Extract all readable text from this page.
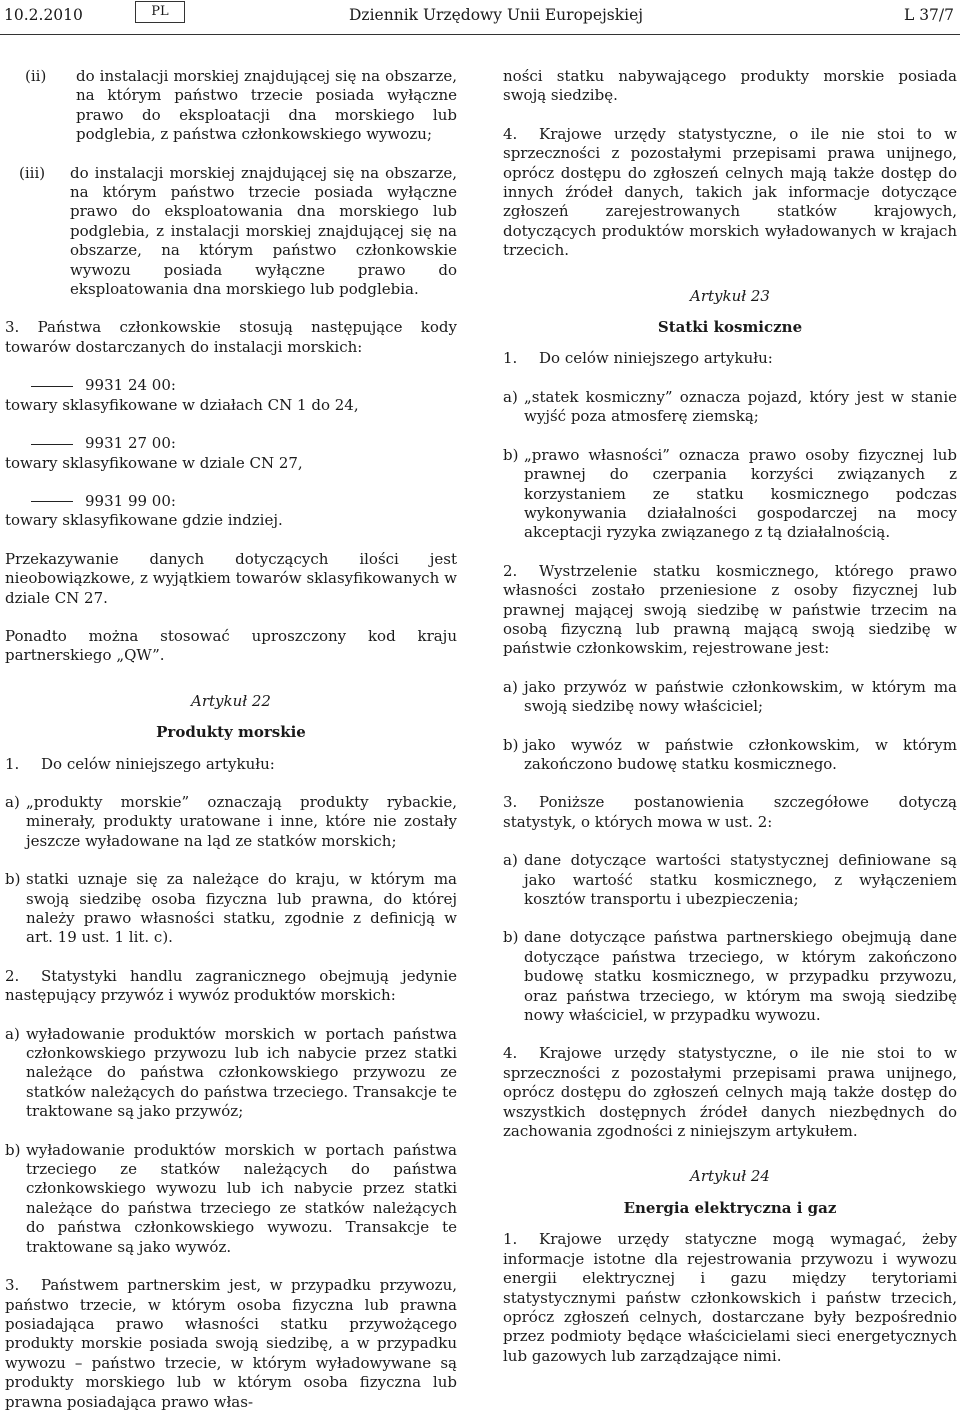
10.2.2010	PL	Dziennik Urzędowy Unii Europejskiej	L 37/7
(ii)	do instalacji morskiej znajdującej się na obszarze, na którym państwo trzecie posiada wyłączne prawo do eksploatacji dna morskiego lub podglebia, z państwa członkowskiego wywozu;
(iii)	do instalacji morskiej znajdującej się na obszarze, na którym państwo trzecie posiada wyłączne prawo do eksploatowania dna morskiego lub podglebia, z instalacji morskiej znajdującej się na obszarze, na którym państwo członkowskie wywozu posiada wyłączne prawo do eksploatowania dna morskiego lub podglebia.

3. Państwa członkowskie stosują następujące kody towarów dostarczanych do instalacji morskich:

9931 24 00:
towary sklasyfikowane w działach CN 1 do 24,
9931 27 00:
towary sklasyfikowane w dziale CN 27,
9931 99 00:
towary sklasyfikowane gdzie indziej.

Przekazywanie danych dotyczących ilości jest nieobowiązkowe, z wyjątkiem towarów sklasyfikowanych w dziale CN 27.

Ponadto można stosować uproszczony kod kraju partnerskiego „QW”.

Artykuł 22

Produkty morskie

1. Do celów niniejszego artykułu:

a) „produkty morskie” oznaczają produkty rybackie, minerały, produkty uratowane i inne, które nie zostały jeszcze wyładowane na ląd ze statków morskich;
b) statki uznaje się za należące do kraju, w którym ma swoją siedzibę osoba fizyczna lub prawna, do której należy prawo własności statku, zgodnie z definicją w art. 19 ust. 1 lit. c).

2. Statystyki handlu zagranicznego obejmują jedynie następujący przywóz i wywóz produktów morskich:

a) wyładowanie produktów morskich w portach państwa członkowskiego przywozu lub ich nabycie przez statki należące do państwa członkowskiego przywozu ze statków należących do państwa trzeciego. Transakcje te traktowane są jako przywóz;
b) wyładowanie produktów morskich w portach państwa trzeciego ze statków należących do państwa członkowskiego wywozu lub ich nabycie przez statki należące do państwa trzeciego ze statków należących do państwa członkowskiego wywozu. Transakcje te traktowane są jako wywóz.

3. Państwem partnerskim jest, w przypadku przywozu, państwo trzecie, w którym osoba fizyczna lub prawna posiadająca prawo własności statku przywożącego produkty morskie posiada swoją siedzibę, a w przypadku wywozu – państwo trzecie, w którym wyładowywane są produkty morskiego lub w którym osoba fizyczna lub prawna posiadająca prawo włas-

ności statku nabywającego produkty morskie posiada swoją siedzibę.

4. Krajowe urzędy statystyczne, o ile nie stoi to w sprzeczności z pozostałymi przepisami prawa unijnego, oprócz dostępu do zgłoszeń celnych mają także dostęp do innych źródeł danych, takich jak informacje dotyczące zgłoszeń zarejestrowanych statków krajowych, dotyczących produktów morskich wyładowanych w krajach trzecich.

Artykuł 23

Statki kosmiczne

1. Do celów niniejszego artykułu:

a) „statek kosmiczny” oznacza pojazd, który jest w stanie wyjść poza atmosferę ziemską;
b) „prawo własności” oznacza prawo osoby fizycznej lub prawnej do czerpania korzyści związanych z korzystaniem ze statku kosmicznego podczas wykonywania działalności gospodarczej na mocy akceptacji ryzyka związanego z tą działalnością.

2. Wystrzelenie statku kosmicznego, którego prawo własności zostało przeniesione z osoby fizycznej lub prawnej mającej swoją siedzibę w państwie trzecim na osobą fizyczną lub prawną mającą swoją siedzibę w państwie członkowskim, rejestrowane jest:

a) jako przywóz w państwie członkowskim, w którym ma swoją siedzibę nowy właściciel;
b) jako wywóz w państwie członkowskim, w którym zakończono budowę statku kosmicznego.

3. Poniższe postanowienia szczegółowe dotyczą statystyk, o których mowa w ust. 2:

a) dane dotyczące wartości statystycznej definiowane są jako wartość statku kosmicznego, z wyłączeniem kosztów transportu i ubezpieczenia;
b) dane dotyczące państwa partnerskiego obejmują dane dotyczące państwa trzeciego, w którym zakończono budowę statku kosmicznego, w przypadku przywozu, oraz państwa trzeciego, w którym ma swoją siedzibę nowy właściciel, w przypadku wywozu.

4. Krajowe urzędy statystyczne, o ile nie stoi to w sprzeczności z pozostałymi przepisami prawa unijnego, oprócz dostępu do zgłoszeń celnych mają także dostęp do wszystkich dostępnych źródeł danych niezbędnych do zachowania zgodności z niniejszym artykułem.

Artykuł 24

Energia elektryczna i gaz

1. Krajowe urzędy statyczne mogą wymagać, żeby informacje istotne dla rejestrowania przywozu i wywozu energii elektrycznej i gazu między terytoriami statystycznymi państw członkowskich i państw trzecich, oprócz zgłoszeń celnych, dostarczane były bezpośrednio przez podmioty będące właścicielami sieci energetycznych lub gazowych lub zarządzające nimi.
